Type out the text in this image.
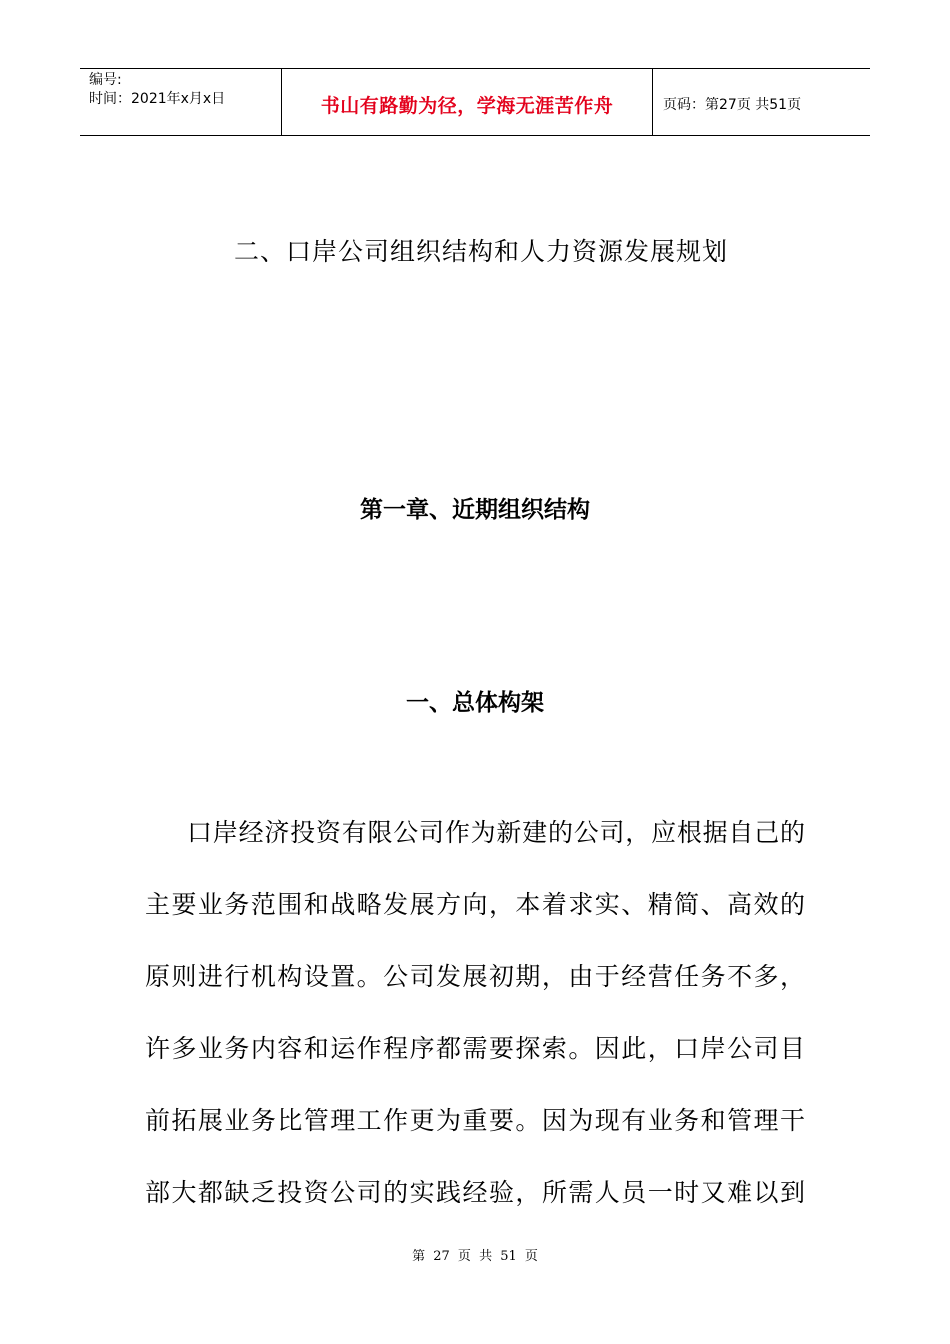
编号:
时间：2021年x月x日	书山有路勤为径，学海无涯苦作舟	页码：第27页 共51页
二、口岸公司组织结构和人力资源发展规划
第一章、近期组织结构
一、总体构架
口岸经济投资有限公司作为新建的公司，应根据自己的
主要业务范围和战略发展方向，本着求实、精简、高效的
原则进行机构设置。公司发展初期，由于经营任务不多，
许多业务内容和运作程序都需要探索。因此，口岸公司目
前拓展业务比管理工作更为重要。因为现有业务和管理干
部大都缺乏投资公司的实践经验，所需人员一时又难以到
第 27 页 共 51 页
